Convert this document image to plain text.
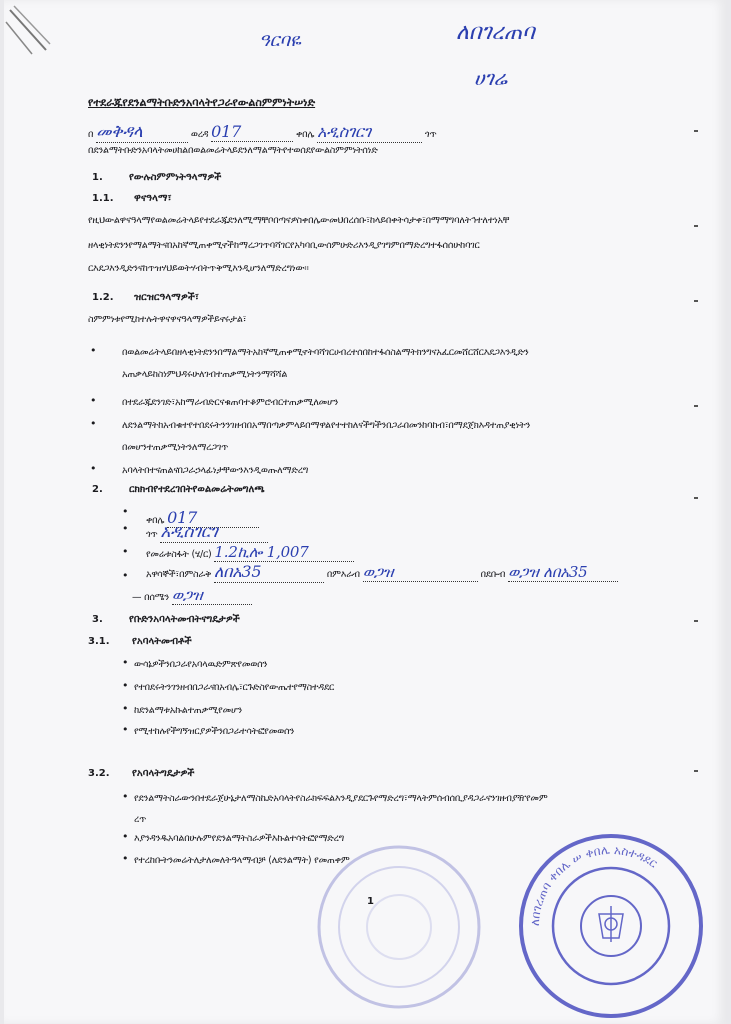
ዓርባዬ	ለበገረጠባ
ሀገሬ
የተደራጁየደንልማትቡድንአባላትየጋራየውልስምምነትሠነድ
በ መቅዳላ	ወረዳ 017	ቀበሌ አዲስገርገ	ጎጥ
በደንልማትቡድንአባላትመሀከልበወልመሬትላይደንለማልማትየተወሰደየውልስምምነትሰነድ
1.	የውሉስምምነትዓላማዎች
1.1. ዋናዓላማ፣
የዚህውልዋናዓላማየወልመሬትላይየተደራጁደንለሚማቸቦበጣናዎስቀበሌውመህበረሰቡ፣ከላይበቀትሳታቀ፣በማማግባለትኅተለተነአቸ
ዘላቂነትደንንየማልማትናበአከኛሚጠቀሚኖችከማረጋገጥባሻገርየአካባቢውሰምሁድሪእንዲያገግምበማድረግተፋሰሰሁከባገር
ርእደጋእንዲድንናከጥዝሃህይወትሃብትጥቅሚእንዲሆንለማድረግነው።
1.2. ዝርዝርዓላማዎች፣
ስምምነቱየሚከተሉትዋናዋናዓላማዎችይኖሩታል፣
•	በወልመሬትላይበዘላቂነትደንንበማልማትአከኛሚጠቀሚኖትባሻገርሀብረተሰበከተፋሰስልማትክንግናአፈርመሸርሸርእደጋእንዲድን
አጠቃላይከስነምህዳሩሁለገብተጠቃሚነትንማሻሻል
•	በተደራጁደንገድ፣አከማራብድርናቁጠባተቆምሮብርተጠቃሚለመሆን
•	ለደንልማትከአብቁተየተበደሩትንንገዘብበአማበጣቃምላይበማዋልየተተከለናችግችንበጋራበመንከባከብ፣በማደጀክእዳተጠያቂነትን
በመሆንተጠቃሚነትንለማረጋገጥ
•	አባላትበተናጠልናበጋራኃላፊነታቸውንእንዲወጡለማድረግ
2.	ርክክብየተደረገበትየወልመሬትመግለጫ
•
ቀበሌ 017
• ጎጥ አዲስገርገ
• የመሬቱስፋት (ሄ/ር) 1.2ኪሎ 1,007
• አዋሳኞች፣በምስራቅ ለበአ35	በምእራብ ወጋዝ	በደቡብ ወጋዝ ለበአ35
— በሰሜን ወጋዝ
3.	የቡድንአባላትመብትናግዴታዎች
3.1. የአባላትመብቶች
• ውሳኔዎችንበጋራየአባላዉድምጽየመወሰን
• የተበደሩትንገንዘብበጋራናበአብሌ፣ርጉድስየውጤተየማስተዳደር
• ከደንልማቱአኩልተጠቃሚየመሆን
• የሚተከሉየችግኝዝርያዎችንበጋራተሳትፎየመወሰን
3.2. የአባላትግዴታዎች
• የደንልማትስራውንበተደራጀሁኔታለማስኬድአባላትየስራክፍፍልእንዲያደርጉየማድረግ፣ማላትምሰብሰቢያዳጋራናንገዘብያዥየመም
ረጥ
• እያንዳንዱአባልበሁሉምየደንልማትስራዎችእኩልተሳትፎየማድረግ
• የተረከቡትንመሬትለታለመለትዓላማብቻ (ለደንልማት) የመጠቀም
1
ለበገረጠባ ቀበሌ ሠ ቀበሌ አስተዳደር
